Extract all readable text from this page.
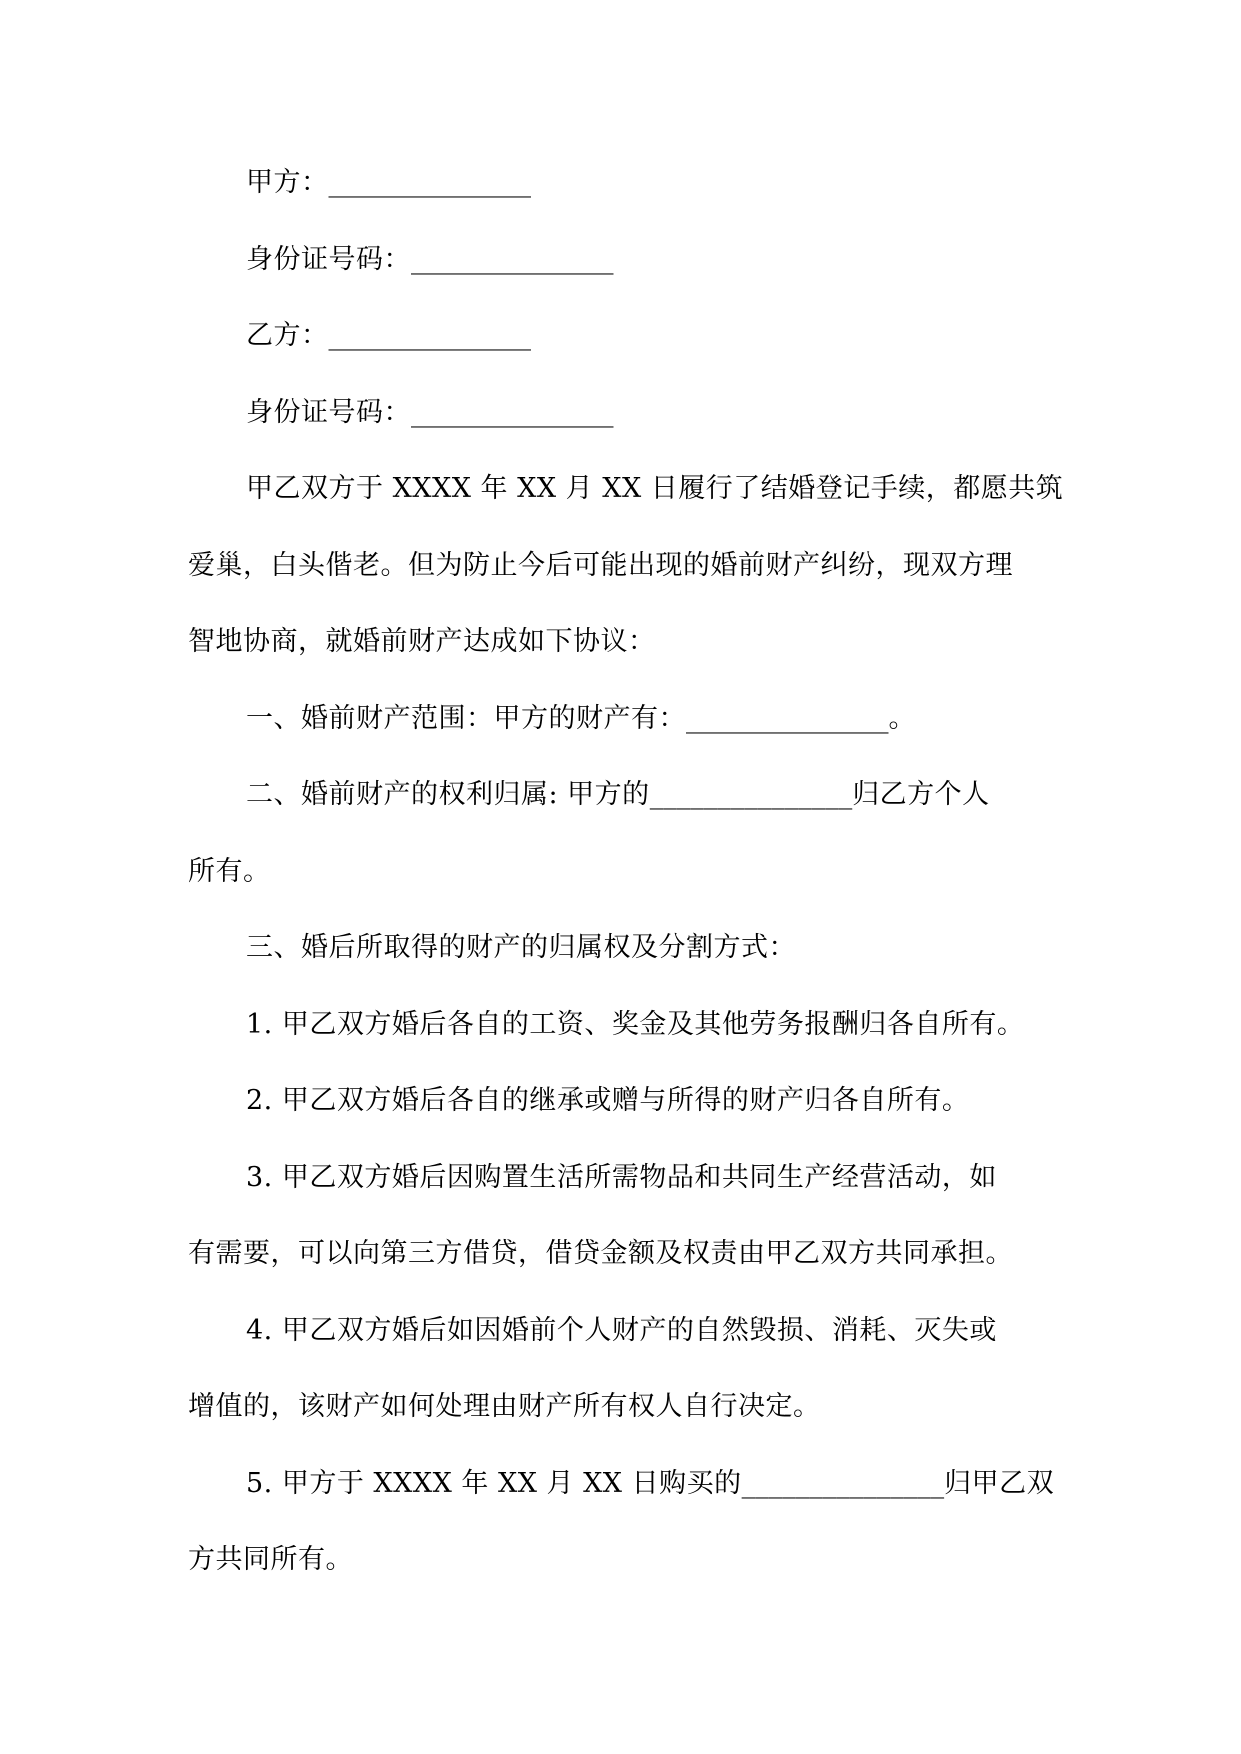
甲方：_______________

身份证号码：_______________

乙方：_______________

身份证号码：_______________

甲乙双方于 XXXX 年 XX 月 XX 日履行了结婚登记手续，都愿共筑

爱巢，白头偕老。但为防止今后可能出现的婚前财产纠纷，现双方理

智地协商，就婚前财产达成如下协议：

一、婚前财产范围：甲方的财产有：_______________。

二、婚前财产的权利归属: 甲方的_______________归乙方个人

所有。

三、婚后所取得的财产的归属权及分割方式：

1. 甲乙双方婚后各自的工资、奖金及其他劳务报酬归各自所有。

2. 甲乙双方婚后各自的继承或赠与所得的财产归各自所有。

3. 甲乙双方婚后因购置生活所需物品和共同生产经营活动，如

有需要，可以向第三方借贷，借贷金额及权责由甲乙双方共同承担。

4. 甲乙双方婚后如因婚前个人财产的自然毁损、消耗、灭失或

增值的，该财产如何处理由财产所有权人自行决定。

5. 甲方于 XXXX 年 XX 月 XX 日购买的_______________归甲乙双

方共同所有。
